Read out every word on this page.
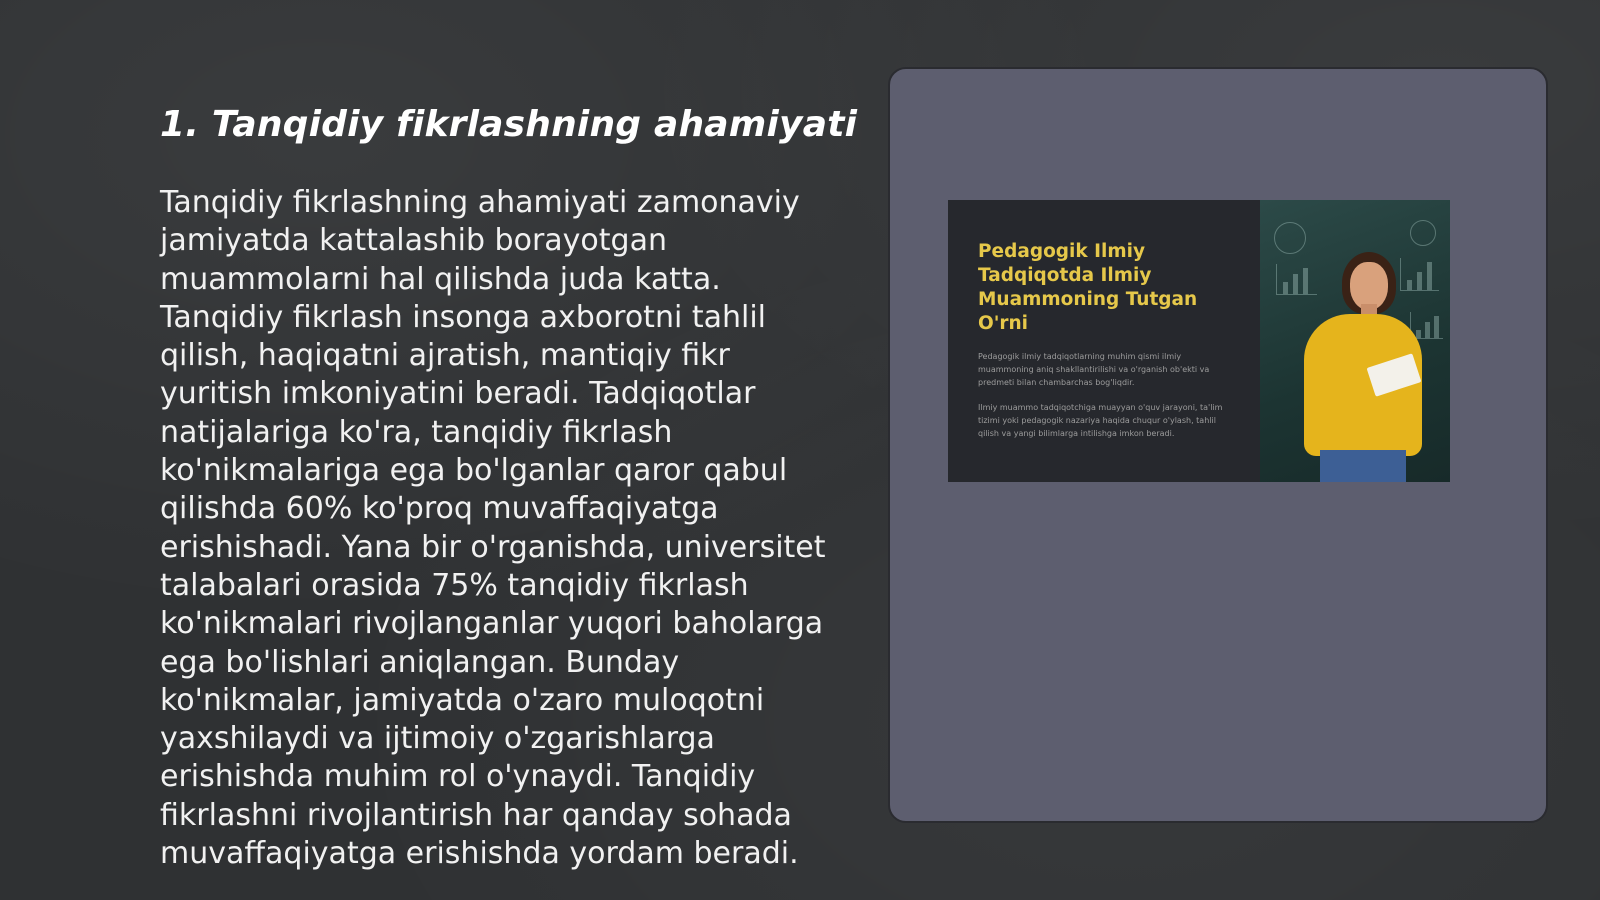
1. Tanqidiy fikrlashning ahamiyati

Tanqidiy fikrlashning ahamiyati zamonaviy jamiyatda kattalashib borayotgan muammolarni hal qilishda juda katta. Tanqidiy fikrlash insonga axborotni tahlil qilish, haqiqatni ajratish, mantiqiy fikr yuritish imkoniyatini beradi. Tadqiqotlar natijalariga ko'ra, tanqidiy fikrlash ko'nikmalariga ega bo'lganlar qaror qabul qilishda 60% ko'proq muvaffaqiyatga erishishadi. Yana bir o'rganishda, universitet talabalari orasida 75% tanqidiy fikrlash ko'nikmalari rivojlanganlar yuqori baholarga ega bo'lishlari aniqlangan. Bunday ko'nikmalar, jamiyatda o'zaro muloqotni yaxshilaydi va ijtimoiy o'zgarishlarga erishishda muhim rol o'ynaydi. Tanqidiy fikrlashni rivojlantirish har qanday sohada muvaffaqiyatga erishishda yordam beradi.

Pedagogik Ilmiy Tadqiqotda Ilmiy Muammoning Tutgan O'rni

Pedagogik ilmiy tadqiqotlarning muhim qismi ilmiy muammoning aniq shakllantirilishi va o'rganish ob'ekti va predmeti bilan chambarchas bog'liqdir.

Ilmiy muammo tadqiqotchiga muayyan o'quv jarayoni, ta'lim tizimi yoki pedagogik nazariya haqida chuqur o'ylash, tahlil qilish va yangi bilimlarga intilishga imkon beradi.
